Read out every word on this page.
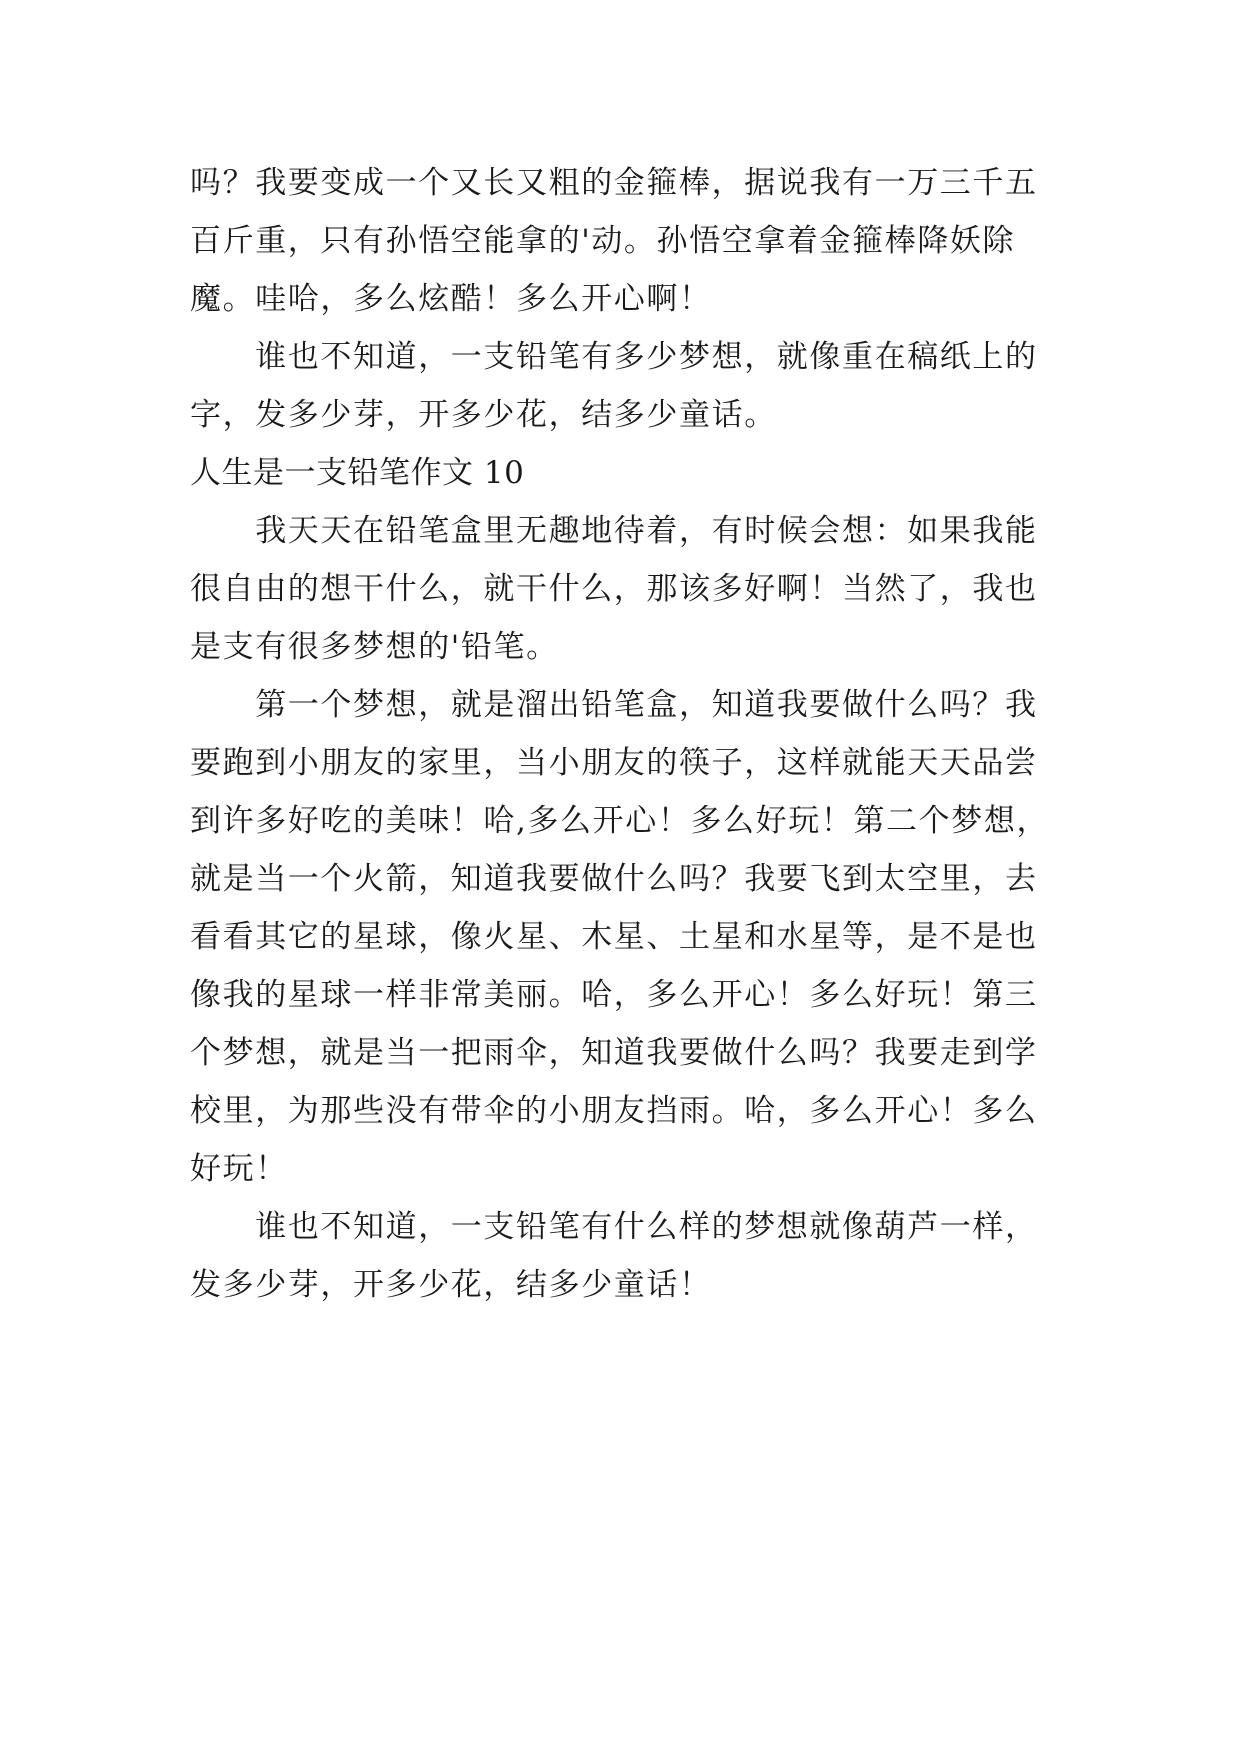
吗？我要变成一个又长又粗的金箍棒，据说我有一万三千五
百斤重，只有孙悟空能拿的'动。孙悟空拿着金箍棒降妖除
魔。哇哈，多么炫酷！多么开心啊！
　　谁也不知道，一支铅笔有多少梦想，就像重在稿纸上的
字，发多少芽，开多少花，结多少童话。
人生是一支铅笔作文 10
　　我天天在铅笔盒里无趣地待着，有时候会想：如果我能
很自由的想干什么，就干什么，那该多好啊！当然了，我也
是支有很多梦想的'铅笔。
　　第一个梦想，就是溜出铅笔盒，知道我要做什么吗？我
要跑到小朋友的家里，当小朋友的筷子，这样就能天天品尝
到许多好吃的美味！哈,多么开心！多么好玩！第二个梦想，
就是当一个火箭，知道我要做什么吗？我要飞到太空里，去
看看其它的星球，像火星、木星、土星和水星等，是不是也
像我的星球一样非常美丽。哈，多么开心！多么好玩！第三
个梦想，就是当一把雨伞，知道我要做什么吗？我要走到学
校里，为那些没有带伞的小朋友挡雨。哈，多么开心！多么
好玩！
　　谁也不知道，一支铅笔有什么样的梦想就像葫芦一样，
发多少芽，开多少花，结多少童话！
